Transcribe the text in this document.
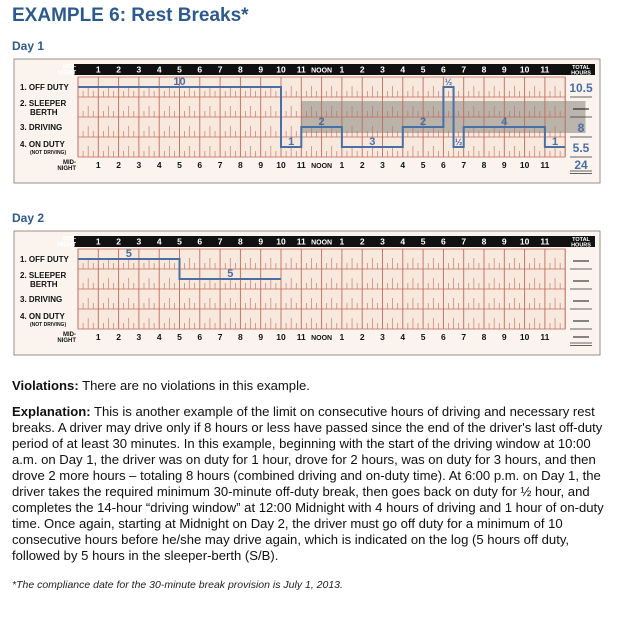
EXAMPLE 6: Rest Breaks*
Day 1
MID-NIGHT
MID-NIGHT
1
1
2
2
3
3
4
4
5
5
6
6
7
7
8
8
9
9
10
10
11
11
NOON
NOON
1
1
2
2
3
3
4
4
5
5
6
6
7
7
8
8
9
9
10
10
11
11
1. OFF DUTY
2. SLEEPER
BERTH
3. DRIVING
4. ON DUTY
(NOT DRIVING)
TOTAL
HOURS
10.5
8
5.5
24
10
1
2
3
2
½
½
4
1
Day 2
MID-NIGHT
MID-NIGHT
1
1
2
2
3
3
4
4
5
5
6
6
7
7
8
8
9
9
10
10
11
11
NOON
NOON
1
1
2
2
3
3
4
4
5
5
6
6
7
7
8
8
9
9
10
10
11
11
1. OFF DUTY
2. SLEEPER
BERTH
3. DRIVING
4. ON DUTY
(NOT DRIVING)
TOTAL
HOURS
5
5
Violations: There are no violations in this example.
Explanation: This is another example of the limit on consecutive hours of driving and necessary rest breaks. A driver may drive only if 8 hours or less have passed since the end of the driver's last off-duty period of at least 30 minutes. In this example, beginning with the start of the driving window at 10:00 a.m. on Day 1, the driver was on duty for 1 hour, drove for 2 hours, was on duty for 3 hours, and then drove 2 more hours – totaling 8 hours (combined driving and on-duty time). At 6:00 p.m. on Day 1, the driver takes the required minimum 30-minute off-duty break, then goes back on duty for ½ hour, and completes the 14-hour “driving window” at 12:00 Midnight with 4 hours of driving and 1 hour of on-duty time. Once again, starting at Midnight on Day 2, the driver must go off duty for a minimum of 10 consecutive hours before he/she may drive again, which is indicated on the log (5 hours off duty, followed by 5 hours in the sleeper-berth (S/B).
*The compliance date for the 30-minute break provision is July 1, 2013.
